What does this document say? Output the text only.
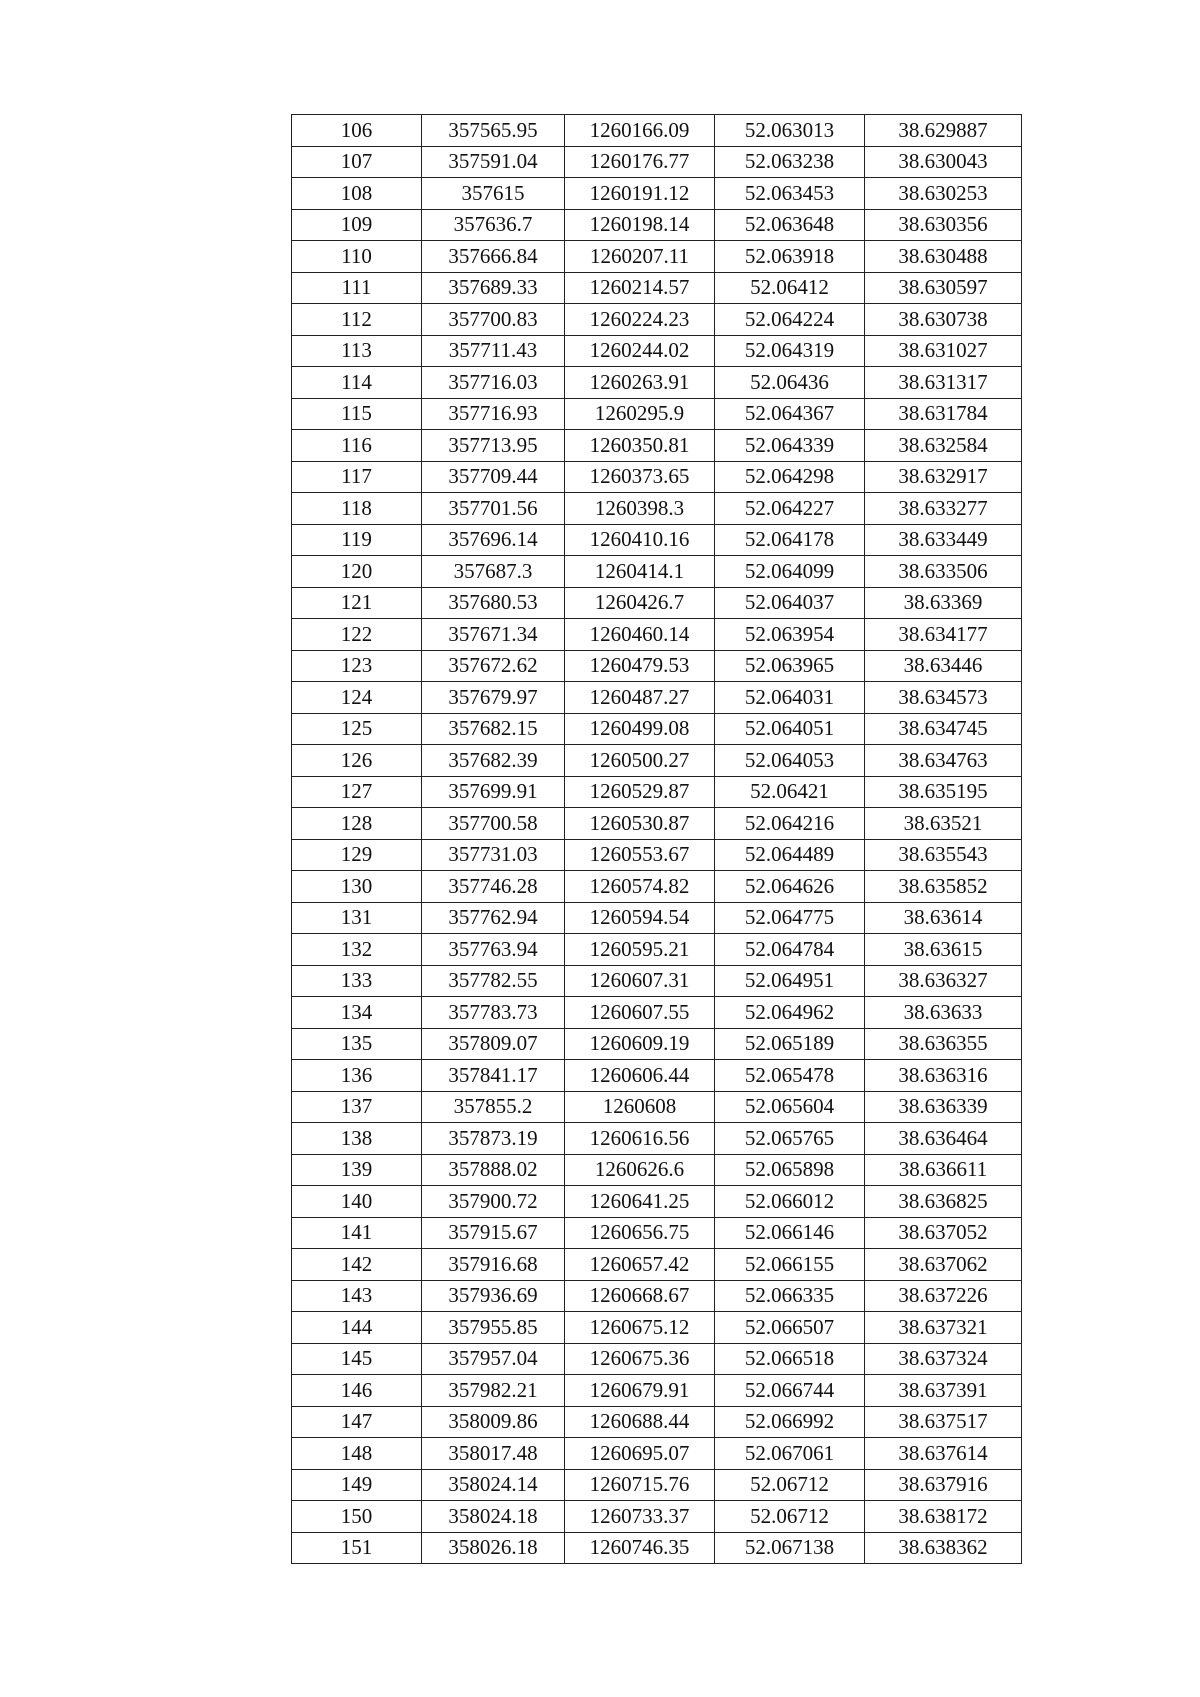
106	357565.95	1260166.09	52.063013	38.629887
107	357591.04	1260176.77	52.063238	38.630043
108	357615	1260191.12	52.063453	38.630253
109	357636.7	1260198.14	52.063648	38.630356
110	357666.84	1260207.11	52.063918	38.630488
111	357689.33	1260214.57	52.06412	38.630597
112	357700.83	1260224.23	52.064224	38.630738
113	357711.43	1260244.02	52.064319	38.631027
114	357716.03	1260263.91	52.06436	38.631317
115	357716.93	1260295.9	52.064367	38.631784
116	357713.95	1260350.81	52.064339	38.632584
117	357709.44	1260373.65	52.064298	38.632917
118	357701.56	1260398.3	52.064227	38.633277
119	357696.14	1260410.16	52.064178	38.633449
120	357687.3	1260414.1	52.064099	38.633506
121	357680.53	1260426.7	52.064037	38.63369
122	357671.34	1260460.14	52.063954	38.634177
123	357672.62	1260479.53	52.063965	38.63446
124	357679.97	1260487.27	52.064031	38.634573
125	357682.15	1260499.08	52.064051	38.634745
126	357682.39	1260500.27	52.064053	38.634763
127	357699.91	1260529.87	52.06421	38.635195
128	357700.58	1260530.87	52.064216	38.63521
129	357731.03	1260553.67	52.064489	38.635543
130	357746.28	1260574.82	52.064626	38.635852
131	357762.94	1260594.54	52.064775	38.63614
132	357763.94	1260595.21	52.064784	38.63615
133	357782.55	1260607.31	52.064951	38.636327
134	357783.73	1260607.55	52.064962	38.63633
135	357809.07	1260609.19	52.065189	38.636355
136	357841.17	1260606.44	52.065478	38.636316
137	357855.2	1260608	52.065604	38.636339
138	357873.19	1260616.56	52.065765	38.636464
139	357888.02	1260626.6	52.065898	38.636611
140	357900.72	1260641.25	52.066012	38.636825
141	357915.67	1260656.75	52.066146	38.637052
142	357916.68	1260657.42	52.066155	38.637062
143	357936.69	1260668.67	52.066335	38.637226
144	357955.85	1260675.12	52.066507	38.637321
145	357957.04	1260675.36	52.066518	38.637324
146	357982.21	1260679.91	52.066744	38.637391
147	358009.86	1260688.44	52.066992	38.637517
148	358017.48	1260695.07	52.067061	38.637614
149	358024.14	1260715.76	52.06712	38.637916
150	358024.18	1260733.37	52.06712	38.638172
151	358026.18	1260746.35	52.067138	38.638362
